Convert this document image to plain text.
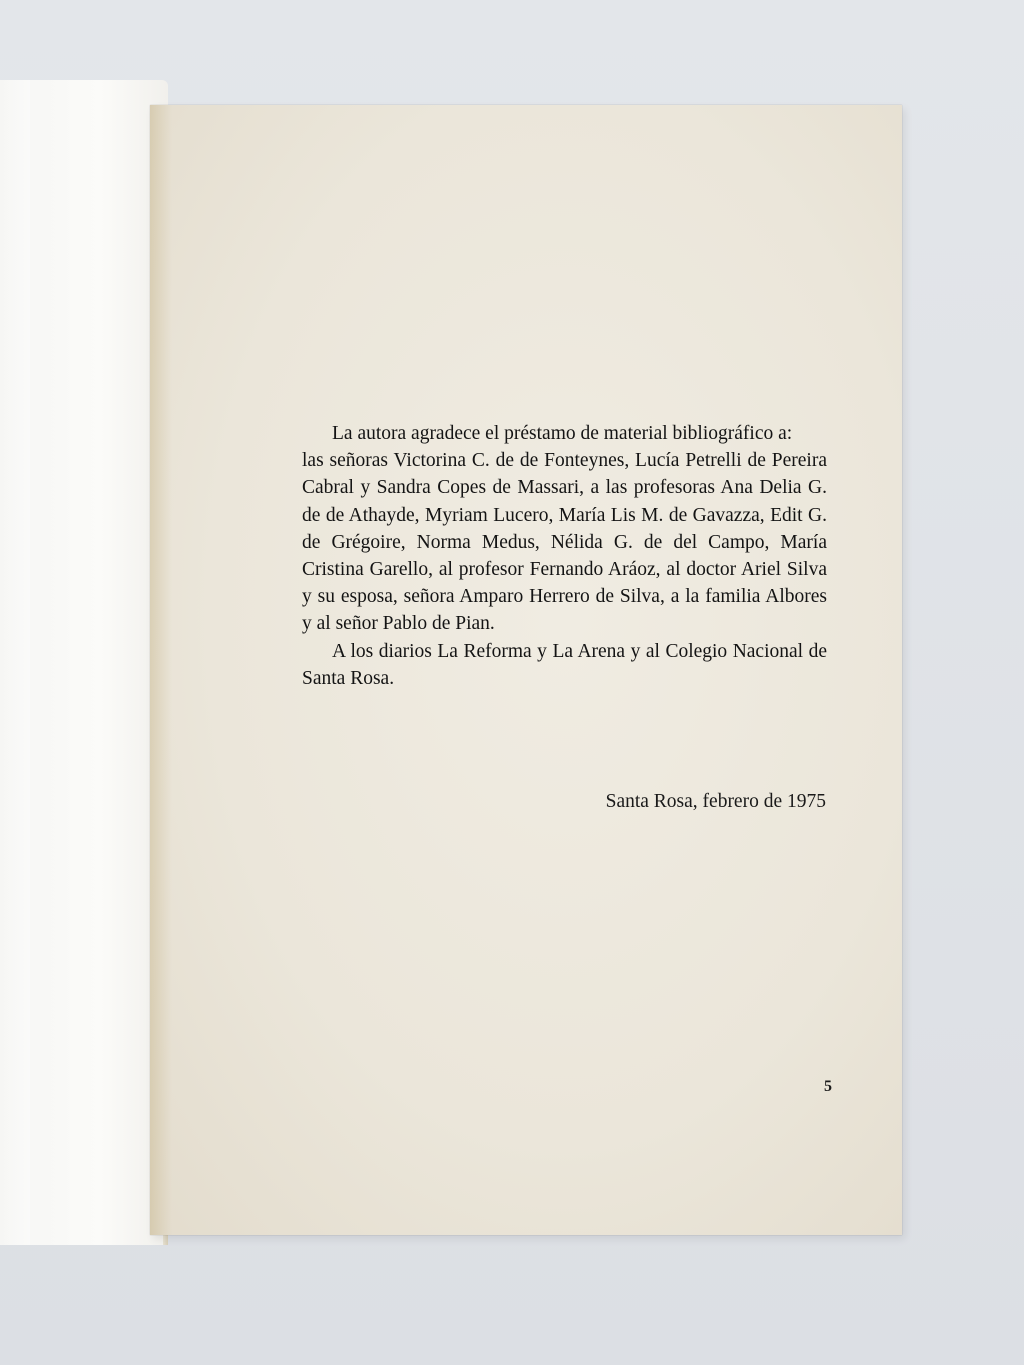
La autora agradece el préstamo de material bibliográfico a:

las señoras Victorina C. de de Fonteynes, Lucía Petrelli de Pereira Cabral y Sandra Copes de Massari, a las profesoras Ana Delia G. de de Athayde, Myriam Lucero, María Lis M. de Gavazza, Edit G. de Grégoire, Norma Medus, Nélida G. de del Campo, María Cristina Garello, al profesor Fernando Aráoz, al doctor Ariel Silva y su esposa, señora Amparo Herrero de Silva, a la familia Albores y al señor Pablo de Pian.

A los diarios La Reforma y La Arena y al Colegio Nacional de Santa Rosa.

Santa Rosa, febrero de 1975
5
